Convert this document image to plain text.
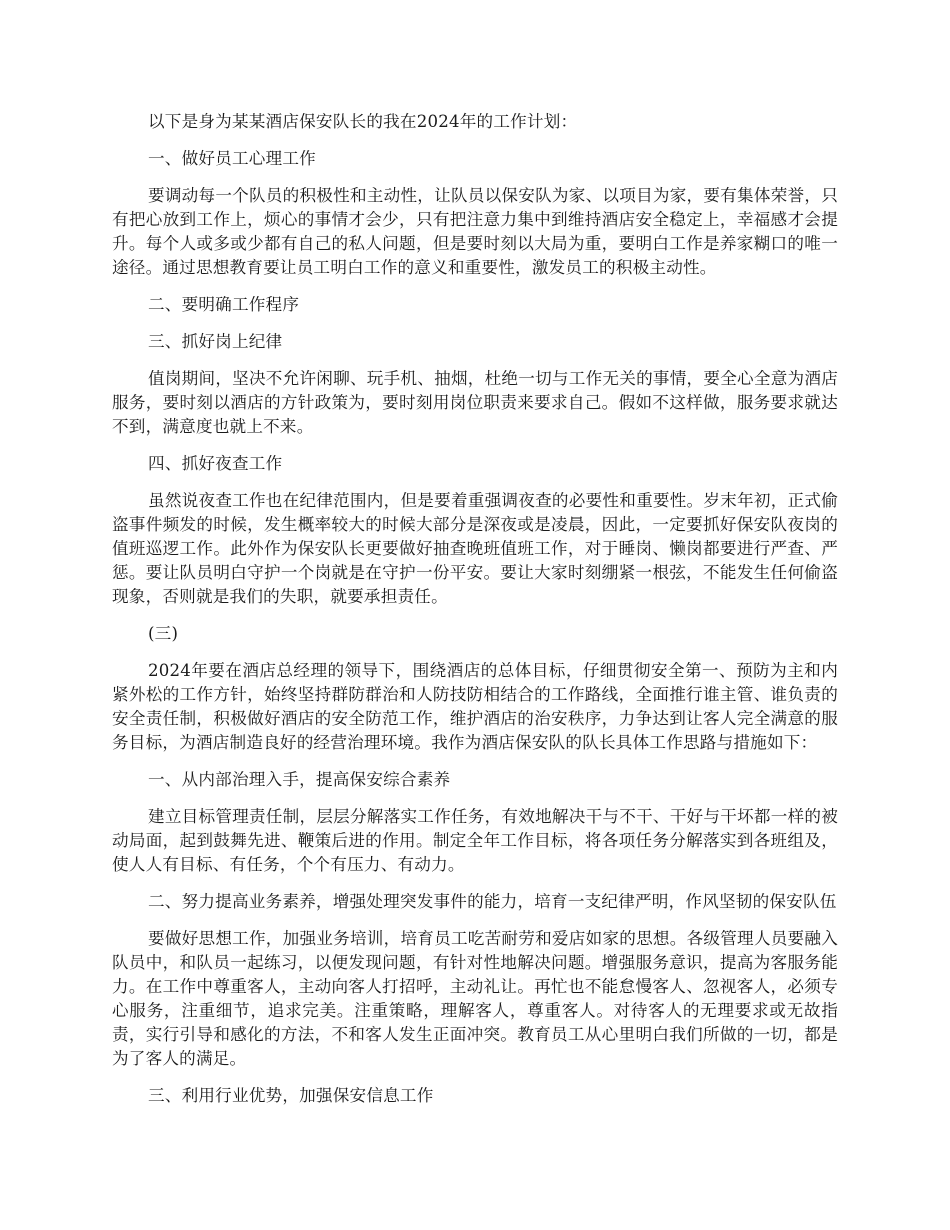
以下是身为某某酒店保安队长的我在2024年的工作计划：

一、做好员工心理工作

要调动每一个队员的积极性和主动性，让队员以保安队为家、以项目为家，要有集体荣誉，只有把心放到工作上，烦心的事情才会少，只有把注意力集中到维持酒店安全稳定上，幸福感才会提升。每个人或多或少都有自己的私人问题，但是要时刻以大局为重，要明白工作是养家糊口的唯一途径。通过思想教育要让员工明白工作的意义和重要性，激发员工的积极主动性。

二、要明确工作程序

三、抓好岗上纪律

值岗期间，坚决不允许闲聊、玩手机、抽烟，杜绝一切与工作无关的事情，要全心全意为酒店服务，要时刻以酒店的方针政策为，要时刻用岗位职责来要求自己。假如不这样做，服务要求就达不到，满意度也就上不来。

四、抓好夜查工作

虽然说夜查工作也在纪律范围内，但是要着重强调夜查的必要性和重要性。岁末年初，正式偷盗事件频发的时候，发生概率较大的时候大部分是深夜或是凌晨，因此，一定要抓好保安队夜岗的值班巡逻工作。此外作为保安队长更要做好抽查晚班值班工作，对于睡岗、懒岗都要进行严查、严惩。要让队员明白守护一个岗就是在守护一份平安。要让大家时刻绷紧一根弦，不能发生任何偷盗现象，否则就是我们的失职，就要承担责任。

(三)

2024年要在酒店总经理的领导下，围绕酒店的总体目标，仔细贯彻安全第一、预防为主和内紧外松的工作方针，始终坚持群防群治和人防技防相结合的工作路线，全面推行谁主管、谁负责的安全责任制，积极做好酒店的安全防范工作，维护酒店的治安秩序，力争达到让客人完全满意的服务目标，为酒店制造良好的经营治理环境。我作为酒店保安队的队长具体工作思路与措施如下：

一、从内部治理入手，提高保安综合素养

建立目标管理责任制，层层分解落实工作任务，有效地解决干与不干、干好与干坏都一样的被动局面，起到鼓舞先进、鞭策后进的作用。制定全年工作目标，将各项任务分解落实到各班组及，使人人有目标、有任务，个个有压力、有动力。

二、努力提高业务素养，增强处理突发事件的能力，培育一支纪律严明，作风坚韧的保安队伍

要做好思想工作，加强业务培训，培育员工吃苦耐劳和爱店如家的思想。各级管理人员要融入队员中，和队员一起练习，以便发现问题，有针对性地解决问题。增强服务意识，提高为客服务能力。在工作中尊重客人，主动向客人打招呼，主动礼让。再忙也不能怠慢客人、忽视客人，必须专心服务，注重细节，追求完美。注重策略，理解客人，尊重客人。对待客人的无理要求或无故指责，实行引导和感化的方法，不和客人发生正面冲突。教育员工从心里明白我们所做的一切，都是为了客人的满足。

三、利用行业优势，加强保安信息工作
